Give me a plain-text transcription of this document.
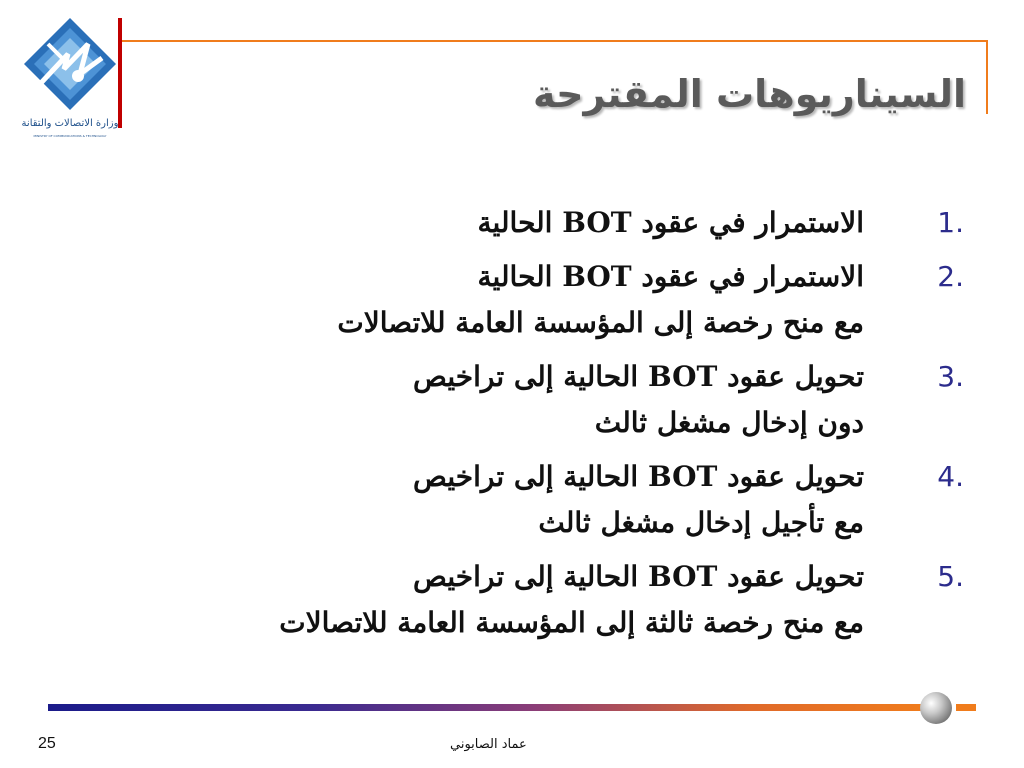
وزارة الاتصالات والتقانة
MINISTRY OF COMMUNICATIONS & TECHNOLOGY
السيناريوهات المقترحة
1.
الاستمرار في عقود BOT الحالية
2.
الاستمرار في عقود BOT الحالية
مع منح رخصة إلى المؤسسة العامة للاتصالات
3.
تحويل عقود BOT الحالية إلى تراخيص
دون إدخال مشغل ثالث
4.
تحويل عقود BOT الحالية إلى تراخيص
مع تأجيل إدخال مشغل ثالث
5.
تحويل عقود BOT الحالية إلى تراخيص
مع منح رخصة ثالثة إلى المؤسسة العامة للاتصالات
عماد الصابوني
25
